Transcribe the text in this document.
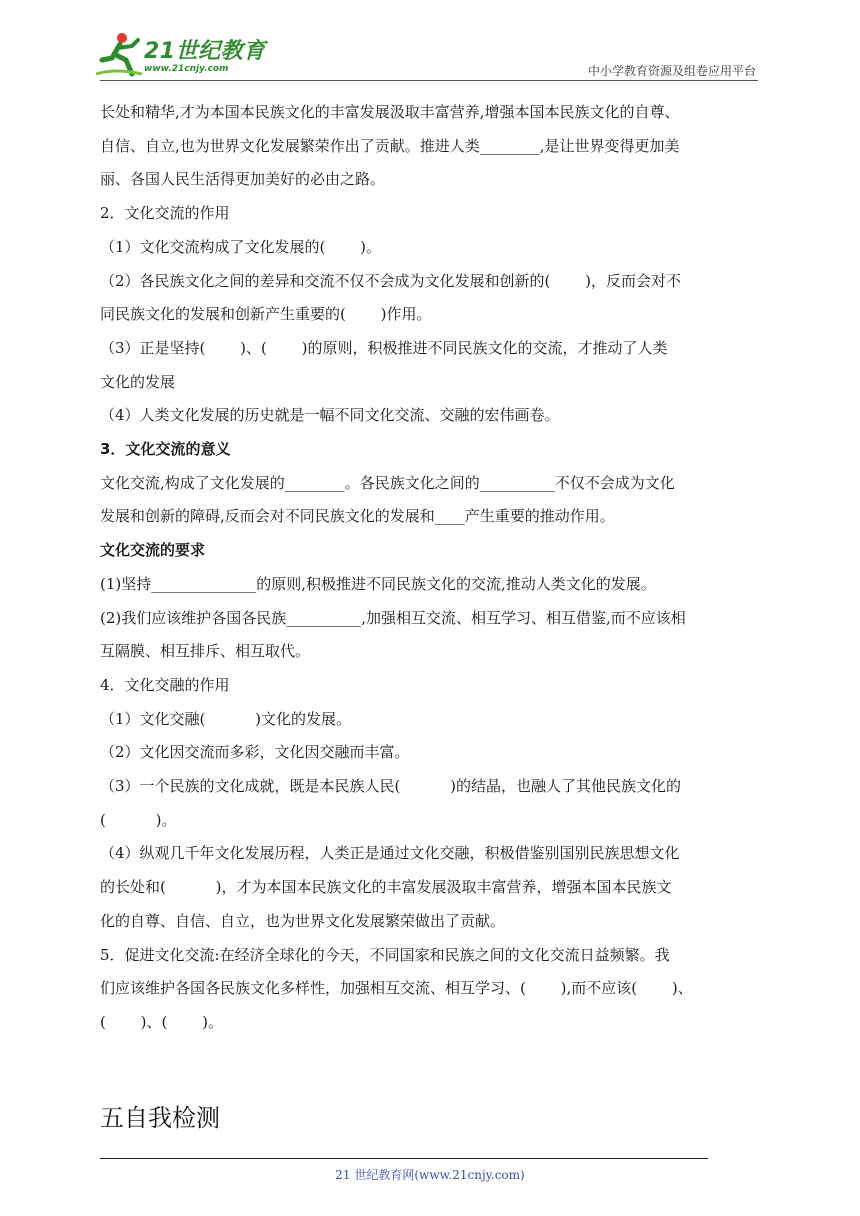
21世纪教育
www.21cnjy.com	中小学教育资源及组卷应用平台
长处和精华,才为本国本民族文化的丰富发展汲取丰富营养,增强本国本民族文化的自尊、
自信、自立,也为世界文化发展繁荣作出了贡献。推进人类________,是让世界变得更加美
丽、各国人民生活得更加美好的必由之路。
2．文化交流的作用
（1）文化交流构成了文化发展的(　　 )。
（2）各民族文化之间的差异和交流不仅不会成为文化发展和创新的(　　 )，反而会对不
同民族文化的发展和创新产生重要的(　　 )作用。
（3）正是坚持(　　 )、(　　 )的原则，积极推进不同民族文化的交流，才推动了人类
文化的发展
（4）人类文化发展的历史就是一幅不同文化交流、交融的宏伟画卷。
3．文化交流的意义
文化交流,构成了文化发展的________。各民族文化之间的__________不仅不会成为文化
发展和创新的障碍,反而会对不同民族文化的发展和____产生重要的推动作用。
文化交流的要求
(1)坚持______________的原则,积极推进不同民族文化的交流,推动人类文化的发展。
(2)我们应该维护各国各民族__________,加强相互交流、相互学习、相互借鉴,而不应该相
互隔膜、相互排斥、相互取代。
4．文化交融的作用
（1）文化交融(　　　 )文化的发展。
（2）文化因交流而多彩，文化因交融而丰富。
（3）一个民族的文化成就，既是本民族人民(　　　 )的结晶，也融人了其他民族文化的
(　　　 )。
（4）纵观几千年文化发展历程，人类正是通过文化交融，积极借鉴别国别民族思想文化
的长处和(　　　 )，才为本国本民族文化的丰富发展汲取丰富营养，增强本国本民族文
化的自尊、自信、自立，也为世界文化发展繁荣做出了贡献。
5．促进文化交流:在经济全球化的今天，不同国家和民族之间的文化交流日益频繁。我
们应该维护各国各民族文化多样性，加强相互交流、相互学习、(　　 ),而不应该(　　 )、
(　　 )、(　　 )。
五自我检测
21 世纪教育网(www.21cnjy.com)
